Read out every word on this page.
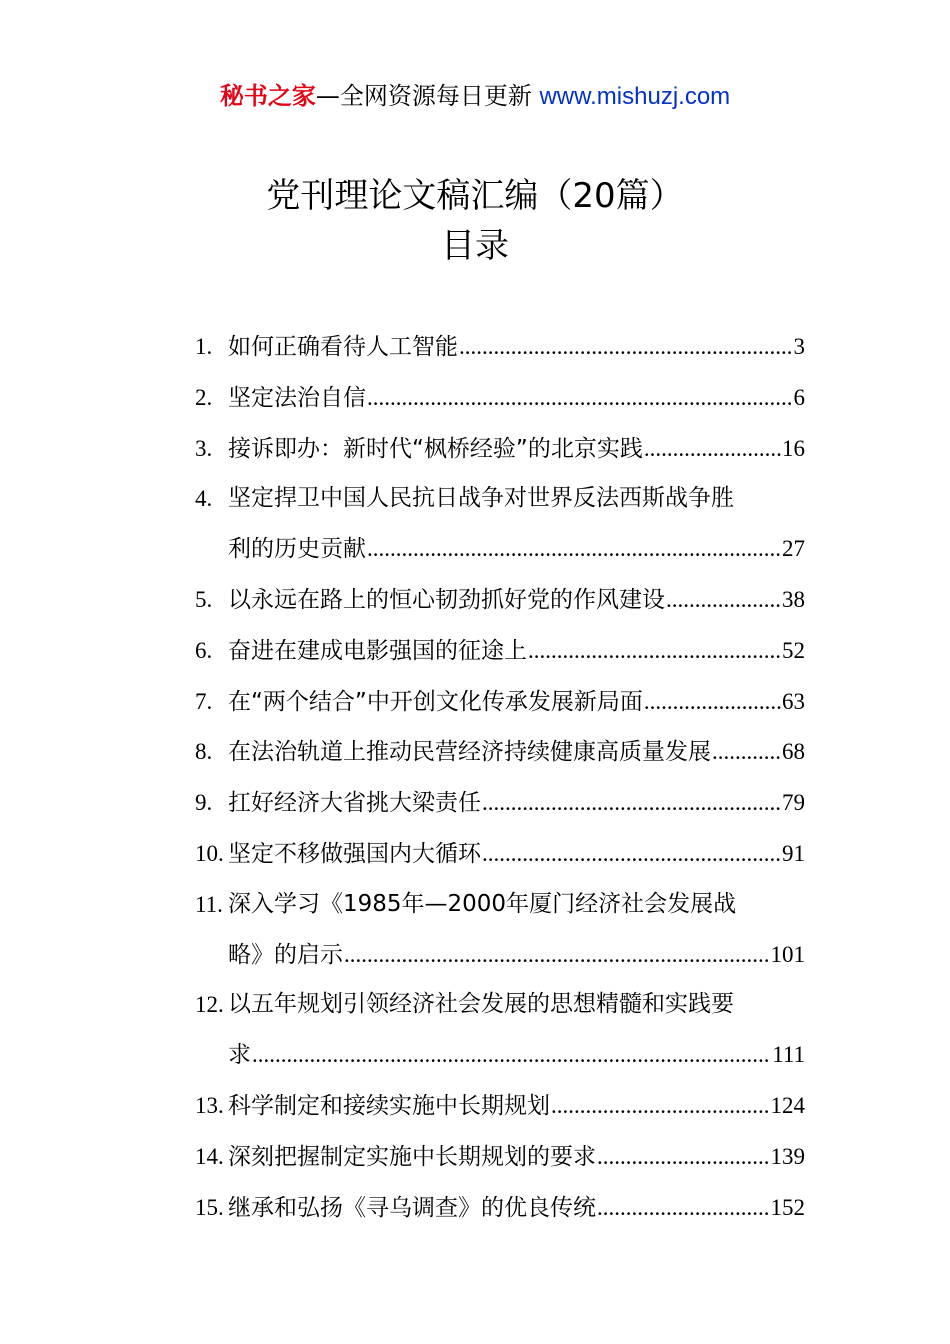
秘书之家—全网资源每日更新 www.mishuzj.com
党刊理论文稿汇编（20篇）
目录
1. 如何正确看待人工智能 .....	3
2. 坚定法治自信 .....	6
3. 接诉即办：新时代“枫桥经验”的北京实践 .....	16
4. 坚定捍卫中国人民抗日战争对世界反法西斯战争胜
利的历史贡献 .....	27
5. 以永远在路上的恒心韧劲抓好党的作风建设 .....	38
6. 奋进在建成电影强国的征途上 .....	52
7. 在“两个结合”中开创文化传承发展新局面 .....	63
8. 在法治轨道上推动民营经济持续健康高质量发展 .....	68
9. 扛好经济大省挑大梁责任 .....	79
10. 坚定不移做强国内大循环 .....	91
11. 深入学习《1985年—2000年厦门经济社会发展战
略》的启示 .....	101
12. 以五年规划引领经济社会发展的思想精髓和实践要
求 .....	111
13. 科学制定和接续实施中长期规划 .....	124
14. 深刻把握制定实施中长期规划的要求 .....	139
15. 继承和弘扬《寻乌调查》的优良传统 .....	152
